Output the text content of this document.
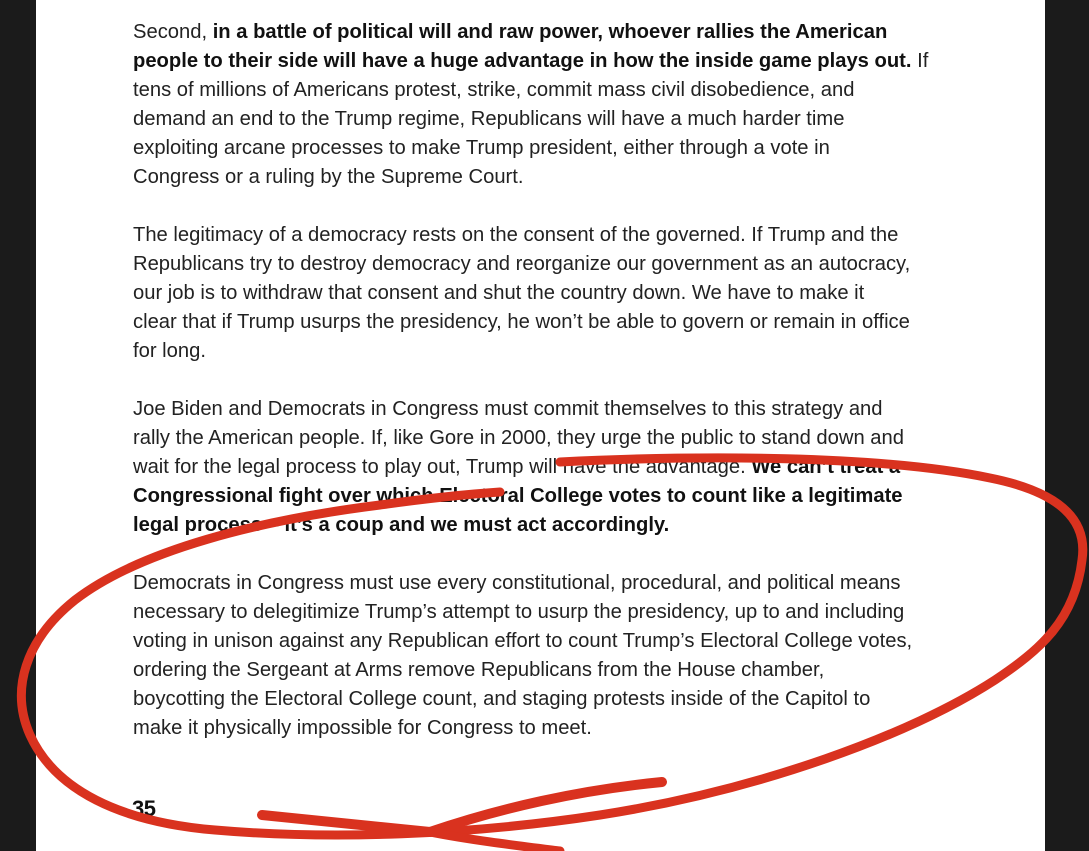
Second, in a battle of political will and raw power, whoever rallies the American
people to their side will have a huge advantage in how the inside game plays out. If
tens of millions of Americans protest, strike, commit mass civil disobedience, and
demand an end to the Trump regime, Republicans will have a much harder time
exploiting arcane processes to make Trump president, either through a vote in
Congress or a ruling by the Supreme Court.
The legitimacy of a democracy rests on the consent of the governed. If Trump and the
Republicans try to destroy democracy and reorganize our government as an autocracy,
our job is to withdraw that consent and shut the country down. We have to make it
clear that if Trump usurps the presidency, he won’t be able to govern or remain in office
for long.
Joe Biden and Democrats in Congress must commit themselves to this strategy and
rally the American people. If, like Gore in 2000, they urge the public to stand down and
wait for the legal process to play out, Trump will have the advantage. We can’t treat a
Congressional fight over which Electoral College votes to count like a legitimate
legal process – it’s a coup and we must act accordingly.
Democrats in Congress must use every constitutional, procedural, and political means
necessary to delegitimize Trump’s attempt to usurp the presidency, up to and including
voting in unison against any Republican effort to count Trump’s Electoral College votes,
ordering the Sergeant at Arms remove Republicans from the House chamber,
boycotting the Electoral College count, and staging protests inside of the Capitol to
make it physically impossible for Congress to meet.
35
